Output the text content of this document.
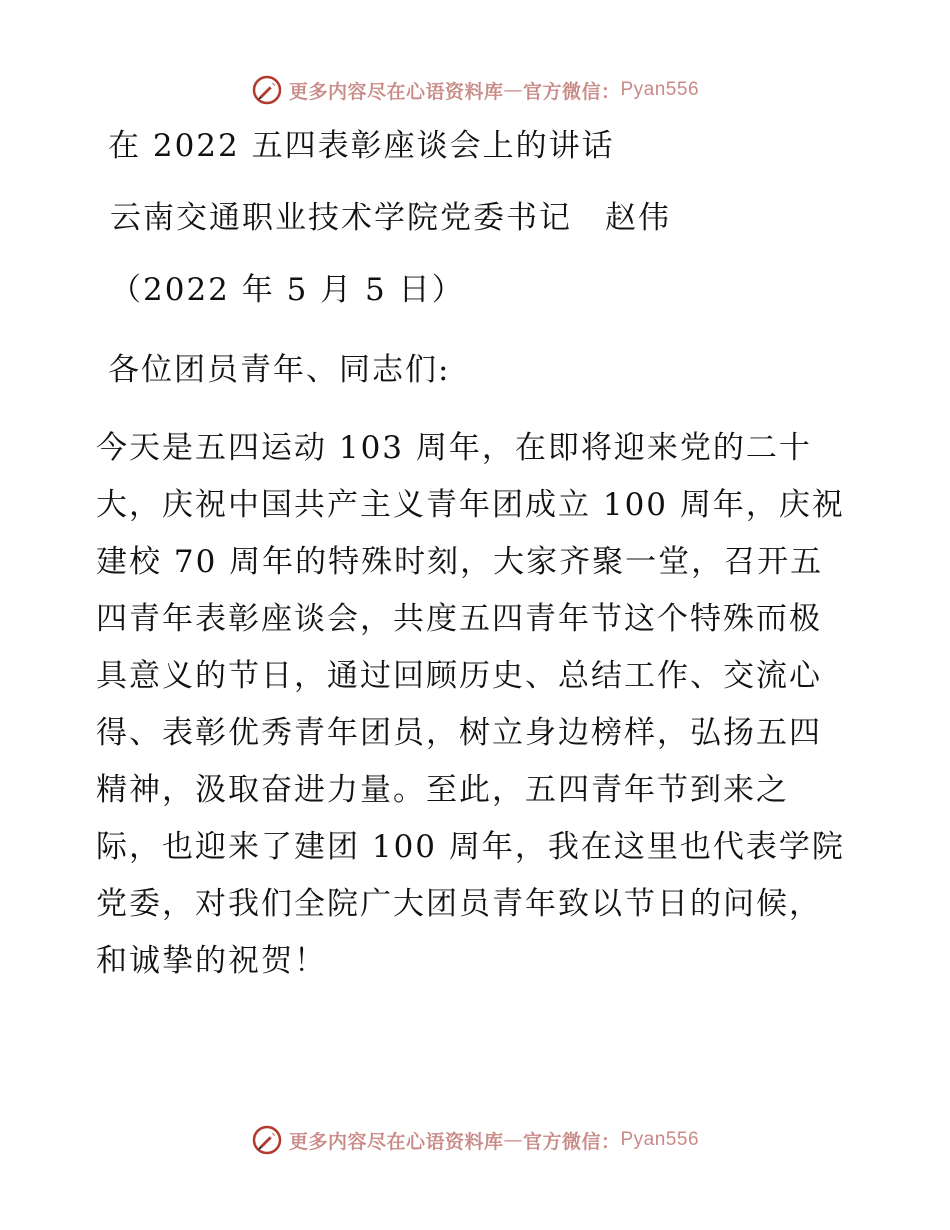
更多内容尽在心语资料库 — 官方微信： Pyan556
在 2022 五四表彰座谈会上的讲话
云南交通职业技术学院党委书记　赵伟
（2022 年 5 月 5 日）
各位团员青年、同志们:
今天是五四运动 103 周年，在即将迎来党的二十
大，庆祝中国共产主义青年团成立 100 周年，庆祝
建校 70 周年的特殊时刻，大家齐聚一堂，召开五
四青年表彰座谈会，共度五四青年节这个特殊而极
具意义的节日，通过回顾历史、总结工作、交流心
得、表彰优秀青年团员，树立身边榜样，弘扬五四
精神，汲取奋进力量。至此，五四青年节到来之
际，也迎来了建团 100 周年，我在这里也代表学院
党委，对我们全院广大团员青年致以节日的问候，
和诚挚的祝贺！
更多内容尽在心语资料库 — 官方微信： Pyan556
